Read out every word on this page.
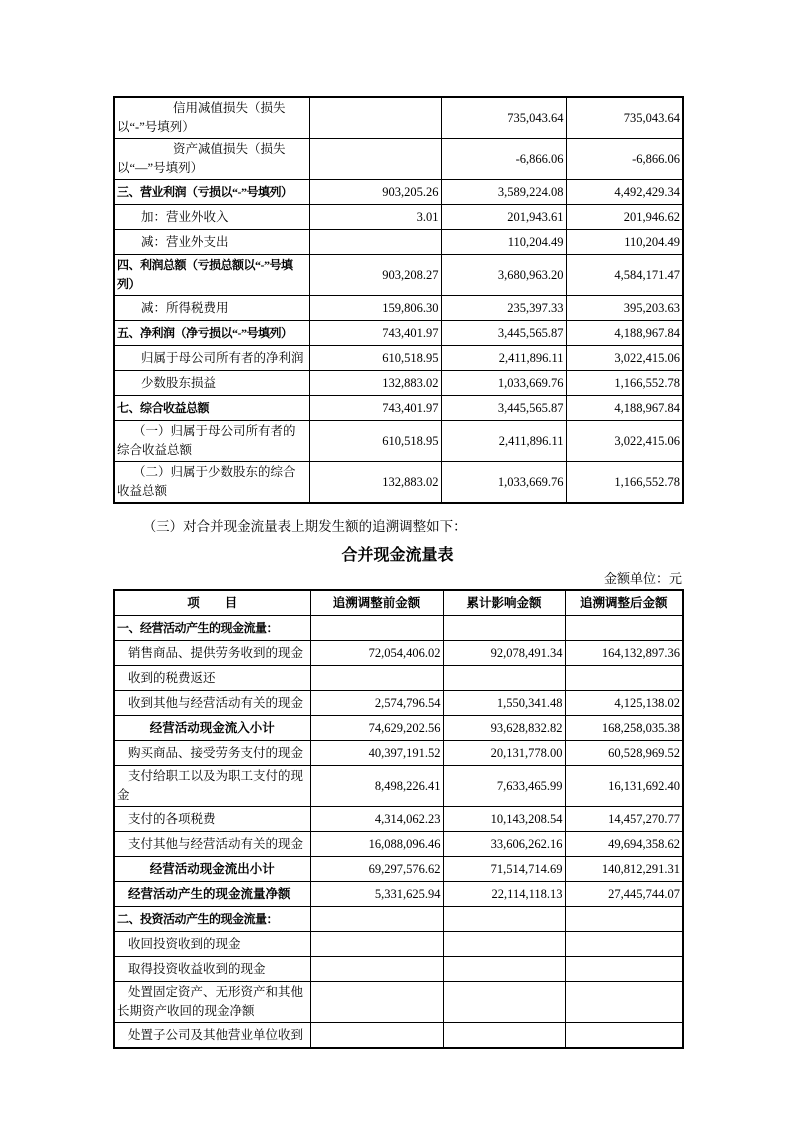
信用减值损失（损失以“-”号填列）		735,043.64	735,043.64
资产减值损失（损失以“—”号填列）		-6,866.06	-6,866.06
三、营业利润（亏损以“-”号填列）	903,205.26	3,589,224.08	4,492,429.34
加：营业外收入	3.01	201,943.61	201,946.62
减：营业外支出		110,204.49	110,204.49
四、利润总额（亏损总额以“-”号填列）	903,208.27	3,680,963.20	4,584,171.47
减：所得税费用	159,806.30	235,397.33	395,203.63
五、净利润（净亏损以“-”号填列）	743,401.97	3,445,565.87	4,188,967.84
归属于母公司所有者的净利润	610,518.95	2,411,896.11	3,022,415.06
少数股东损益	132,883.02	1,033,669.76	1,166,552.78
七、综合收益总额	743,401.97	3,445,565.87	4,188,967.84
（一）归属于母公司所有者的综合收益总额	610,518.95	2,411,896.11	3,022,415.06
（二）归属于少数股东的综合收益总额	132,883.02	1,033,669.76	1,166,552.78

（三）对合并现金流量表上期发生额的追溯调整如下：

合并现金流量表
金额单位：元
项　　目	追溯调整前金额	累计影响金额	追溯调整后金额
一、经营活动产生的现金流量：			
销售商品、提供劳务收到的现金	72,054,406.02	92,078,491.34	164,132,897.36
收到的税费返还			
收到其他与经营活动有关的现金	2,574,796.54	1,550,341.48	4,125,138.02
经营活动现金流入小计	74,629,202.56	93,628,832.82	168,258,035.38
购买商品、接受劳务支付的现金	40,397,191.52	20,131,778.00	60,528,969.52
支付给职工以及为职工支付的现金	8,498,226.41	7,633,465.99	16,131,692.40
支付的各项税费	4,314,062.23	10,143,208.54	14,457,270.77
支付其他与经营活动有关的现金	16,088,096.46	33,606,262.16	49,694,358.62
经营活动现金流出小计	69,297,576.62	71,514,714.69	140,812,291.31
经营活动产生的现金流量净额	5,331,625.94	22,114,118.13	27,445,744.07
二、投资活动产生的现金流量：			
收回投资收到的现金			
取得投资收益收到的现金			
处置固定资产、无形资产和其他长期资产收回的现金净额			
处置子公司及其他营业单位收到			
